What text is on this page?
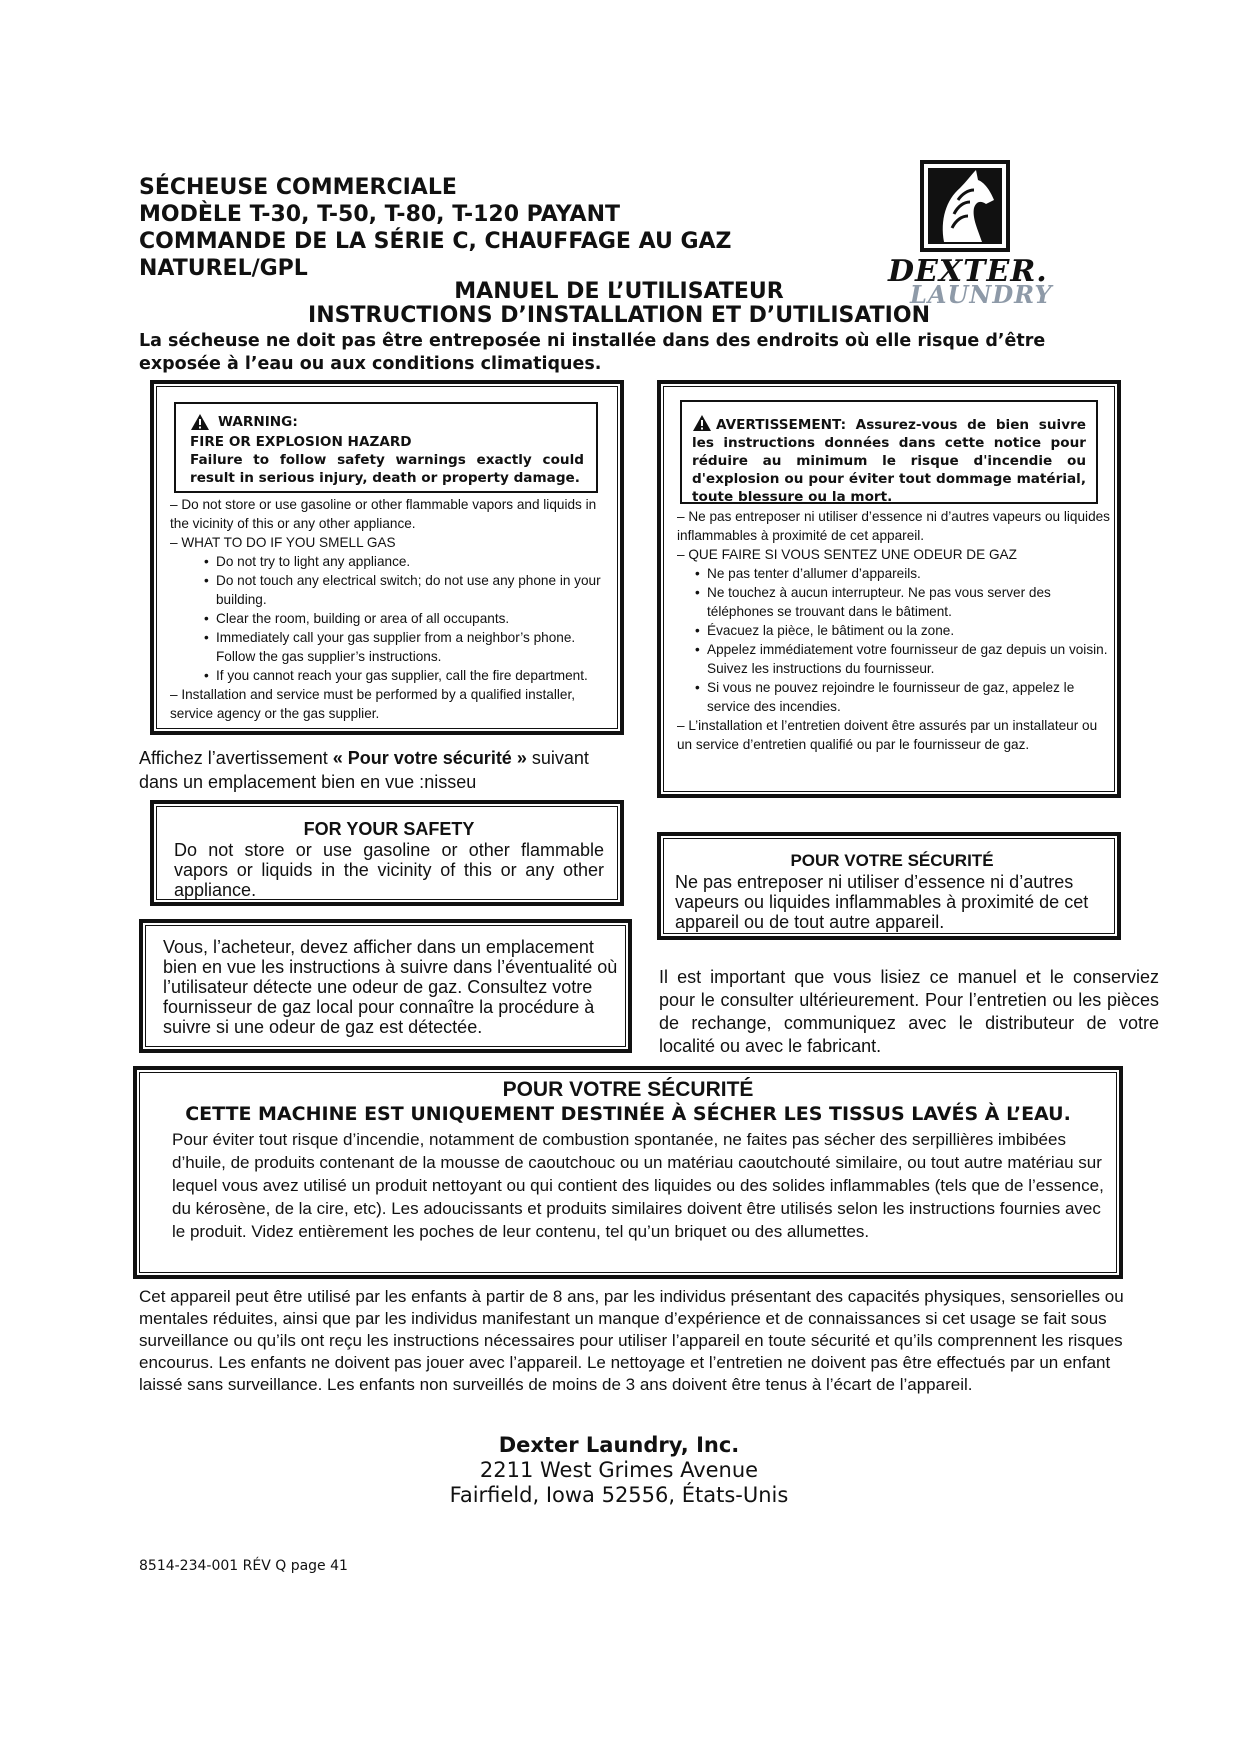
SÉCHEUSE COMMERCIALE
MODÈLE T-30, T-50, T-80, T-120 PAYANT
COMMANDE DE LA SÉRIE C, CHAUFFAGE AU GAZ NATUREL/GPL	DEXTER.
LAUNDRY
MANUEL DE L’UTILISATEUR
INSTRUCTIONS D’INSTALLATION ET D’UTILISATION
La sécheuse ne doit pas être entreposée ni installée dans des endroits où elle risque d’être exposée à l’eau ou aux conditions climatiques.
WARNING:
FIRE OR EXPLOSION HAZARD
Failure to follow safety warnings exactly could result in serious injury, death or property damage.
– Do not store or use gasoline or other flammable vapors and liquids in the vicinity of this or any other appliance.
– WHAT TO DO IF YOU SMELL GAS
• Do not try to light any appliance.
• Do not touch any electrical switch; do not use any phone in your building.
• Clear the room, building or area of all occupants.
• Immediately call your gas supplier from a neighbor’s phone. Follow the gas supplier’s instructions.
• If you cannot reach your gas supplier, call the fire department.
– Installation and service must be performed by a qualified installer, service agency or the gas supplier.
AVERTISSEMENT: Assurez-vous de bien suivre les instructions données dans cette notice pour réduire au minimum le risque d'incendie ou d'explosion ou pour éviter tout dommage matérial, toute blessure ou la mort.
– Ne pas entreposer ni utiliser d’essence ni d’autres vapeurs ou liquides inflammables à proximité de cet appareil.
– QUE FAIRE SI VOUS SENTEZ UNE ODEUR DE GAZ
• Ne pas tenter d’allumer d’appareils.
• Ne touchez à aucun interrupteur. Ne pas vous server des téléphones se trouvant dans le bâtiment.
• Évacuez la pièce, le bâtiment ou la zone.
• Appelez immédiatement votre fournisseur de gaz depuis un voisin. Suivez les instructions du fournisseur.
• Si vous ne pouvez rejoindre le fournisseur de gaz, appelez le service des incendies.
– L’installation et l’entretien doivent être assurés par un installateur ou un service d’entretien qualifié ou par le fournisseur de gaz.
Affichez l’avertissement « Pour votre sécurité » suivant dans un emplacement bien en vue :nisseu
FOR YOUR SAFETY
Do not store or use gasoline or other flammable vapors or liquids in the vicinity of this or any other appliance.
POUR VOTRE SÉCURITÉ
Ne pas entreposer ni utiliser d’essence ni d’autres vapeurs ou liquides inflammables à proximité de cet appareil ou de tout autre appareil.
Vous, l’acheteur, devez afficher dans un emplacement bien en vue les instructions à suivre dans l’éventualité où l’utilisateur détecte une odeur de gaz. Consultez votre fournisseur de gaz local pour connaître la procédure à suivre si une odeur de gaz est détectée.
Il est important que vous lisiez ce manuel et le conserviez pour le consulter ultérieurement. Pour l’entretien ou les pièces de rechange, communiquez avec le distributeur de votre localité ou avec le fabricant.
POUR VOTRE SÉCURITÉ
CETTE MACHINE EST UNIQUEMENT DESTINÉE À SÉCHER LES TISSUS LAVÉS À L’EAU.
Pour éviter tout risque d’incendie, notamment de combustion spontanée, ne faites pas sécher des serpillières imbibées d’huile, de produits contenant de la mousse de caoutchouc ou un matériau caoutchouté similaire, ou tout autre matériau sur lequel vous avez utilisé un produit nettoyant ou qui contient des liquides ou des solides inflammables (tels que de l’essence, du kérosène, de la cire, etc). Les adoucissants et produits similaires doivent être utilisés selon les instructions fournies avec le produit. Videz entièrement les poches de leur contenu, tel qu’un briquet ou des allumettes.
Cet appareil peut être utilisé par les enfants à partir de 8 ans, par les individus présentant des capacités physiques, sensorielles ou mentales réduites, ainsi que par les individus manifestant un manque d’expérience et de connaissances si cet usage se fait sous surveillance ou qu’ils ont reçu les instructions nécessaires pour utiliser l’appareil en toute sécurité et qu’ils comprennent les risques encourus. Les enfants ne doivent pas jouer avec l’appareil. Le nettoyage et l’entretien ne doivent pas être effectués par un enfant laissé sans surveillance. Les enfants non surveillés de moins de 3 ans doivent être tenus à l’écart de l’appareil.
Dexter Laundry, Inc.
2211 West Grimes Avenue
Fairfield, Iowa 52556, États-Unis
8514-234-001 RÉV Q page 41
